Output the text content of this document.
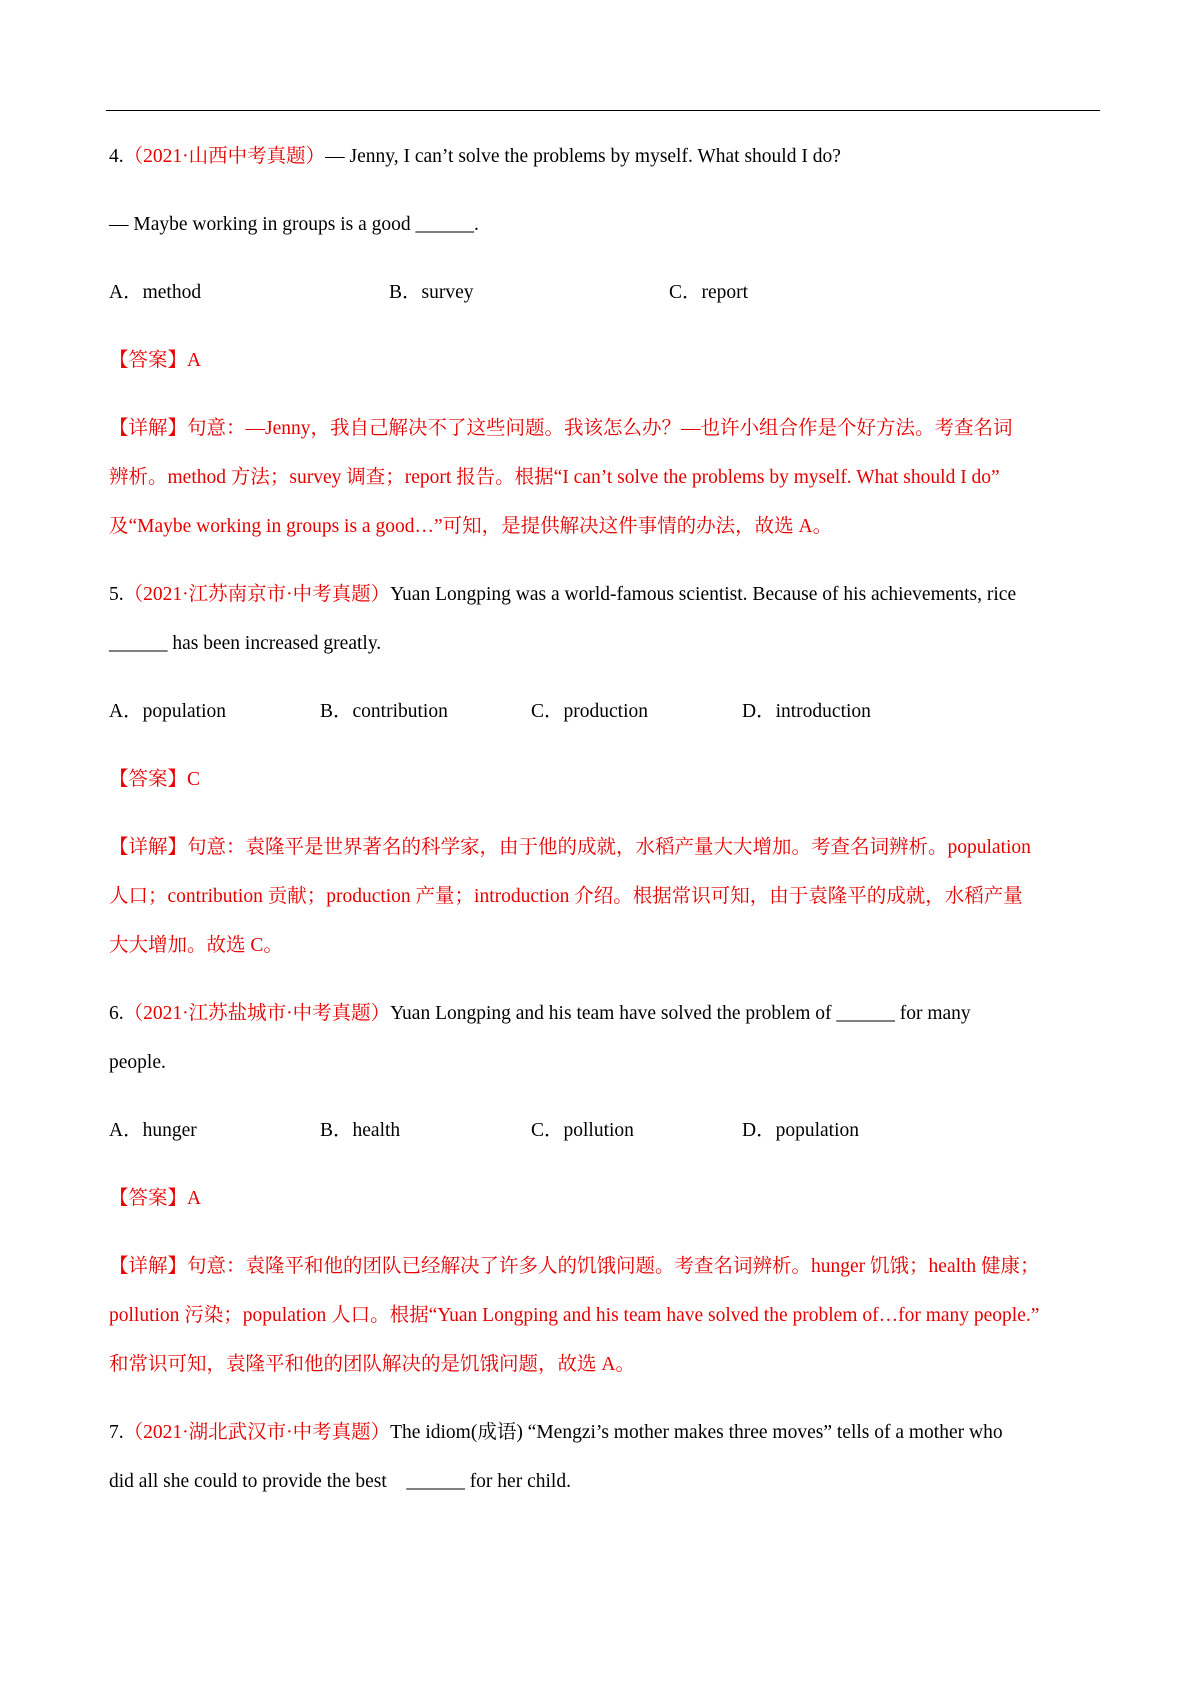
4.（2021·山西中考真题）— Jenny, I can’t solve the problems by myself. What should I do?
— Maybe working in groups is a good ______.
A．method	B．survey	C．report
【答案】A
【详解】句意：—Jenny，我自己解决不了这些问题。我该怎么办？—也许小组合作是个好方法。考查名词
辨析。method 方法；survey 调查；report 报告。根据“I can’t solve the problems by myself. What should I do”
及“Maybe working in groups is a good…”可知，是提供解决这件事情的办法，故选 A。
5.（2021·江苏南京市·中考真题）Yuan Longping was a world-famous scientist. Because of his achievements, rice
______ has been increased greatly.
A．population	B．contribution	C．production	D．introduction
【答案】C
【详解】句意：袁隆平是世界著名的科学家，由于他的成就，水稻产量大大增加。考查名词辨析。population
人口；contribution 贡献；production 产量；introduction 介绍。根据常识可知，由于袁隆平的成就，水稻产量
大大增加。故选 C。
6.（2021·江苏盐城市·中考真题）Yuan Longping and his team have solved the problem of ______ for many
people.
A．hunger	B．health	C．pollution	D．population
【答案】A
【详解】句意：袁隆平和他的团队已经解决了许多人的饥饿问题。考查名词辨析。hunger 饥饿；health 健康；
pollution 污染；population 人口。根据“Yuan Longping and his team have solved the problem of…for many people.”
和常识可知，袁隆平和他的团队解决的是饥饿问题，故选 A。
7.（2021·湖北武汉市·中考真题）The idiom(成语) “Mengzi’s mother makes three moves” tells of a mother who
did all she could to provide the best　______ for her child.
